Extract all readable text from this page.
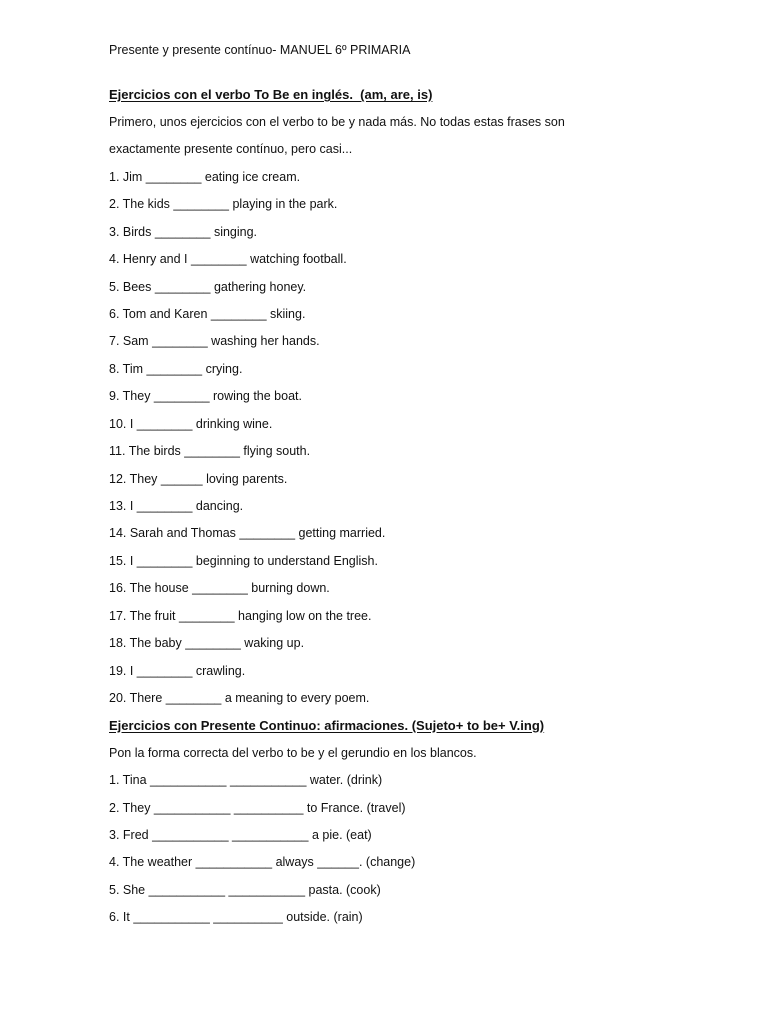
Presente y presente contínuo- MANUEL 6º PRIMARIA

Ejercicios con el verbo To Be en inglés.  (am, are, is)

Primero, unos ejercicios con el verbo to be y nada más. No todas estas frases son

exactamente presente contínuo, pero casi...

1. Jim ________ eating ice cream.

2. The kids ________ playing in the park.

3. Birds ________ singing.

4. Henry and I ________ watching football.

5. Bees ________ gathering honey.

6. Tom and Karen ________ skiing.

7. Sam ________ washing her hands.

8. Tim ________ crying.

9. They ________ rowing the boat.

10. I ________ drinking wine.

11. The birds ________ flying south.

12. They ______ loving parents.

13. I ________ dancing.

14. Sarah and Thomas ________ getting married.

15. I ________ beginning to understand English.

16. The house ________ burning down.

17. The fruit ________ hanging low on the tree.

18. The baby ________ waking up.

19. I ________ crawling.

20. There ________ a meaning to every poem.

Ejercicios con Presente Continuo: afirmaciones. (Sujeto+ to be+ V.ing)

Pon la forma correcta del verbo to be y el gerundio en los blancos.

1. Tina ___________ ___________ water. (drink)

2. They ___________ __________ to France. (travel)

3. Fred ___________ ___________ a pie. (eat)

4. The weather ___________ always ______. (change)

5. She ___________ ___________ pasta. (cook)

6. It ___________ __________ outside. (rain)
